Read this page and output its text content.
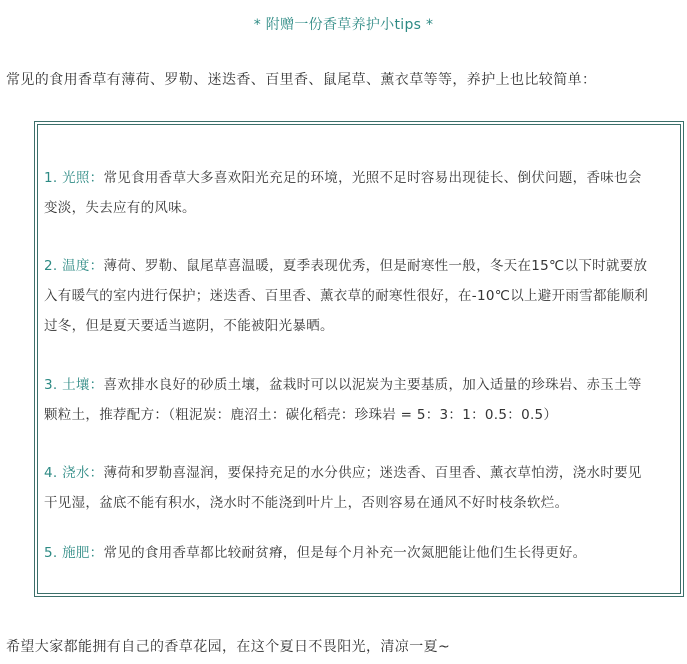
* 附赠一份香草养护小tips *
常见的食用香草有薄荷、罗勒、迷迭香、百里香、鼠尾草、薰衣草等等，养护上也比较简单：
1. 光照：常见食用香草大多喜欢阳光充足的环境，光照不足时容易出现徒长、倒伏问题，香味也会变淡，失去应有的风味。
2. 温度：薄荷、罗勒、鼠尾草喜温暖，夏季表现优秀，但是耐寒性一般，冬天在15℃以下时就要放入有暖气的室内进行保护；迷迭香、百里香、薰衣草的耐寒性很好，在-10℃以上避开雨雪都能顺利过冬，但是夏天要适当遮阴，不能被阳光暴晒。
3. 土壤：喜欢排水良好的砂质土壤，盆栽时可以以泥炭为主要基质，加入适量的珍珠岩、赤玉土等颗粒土，推荐配方：（粗泥炭：鹿沼土：碳化稻壳：珍珠岩 = 5：3：1：0.5：0.5）
4. 浇水：薄荷和罗勒喜湿润，要保持充足的水分供应；迷迭香、百里香、薰衣草怕涝，浇水时要见干见湿，盆底不能有积水，浇水时不能浇到叶片上，否则容易在通风不好时枝条软烂。
5. 施肥：常见的食用香草都比较耐贫瘠，但是每个月补充一次氮肥能让他们生长得更好。
希望大家都能拥有自己的香草花园，在这个夏日不畏阳光，清凉一夏~
